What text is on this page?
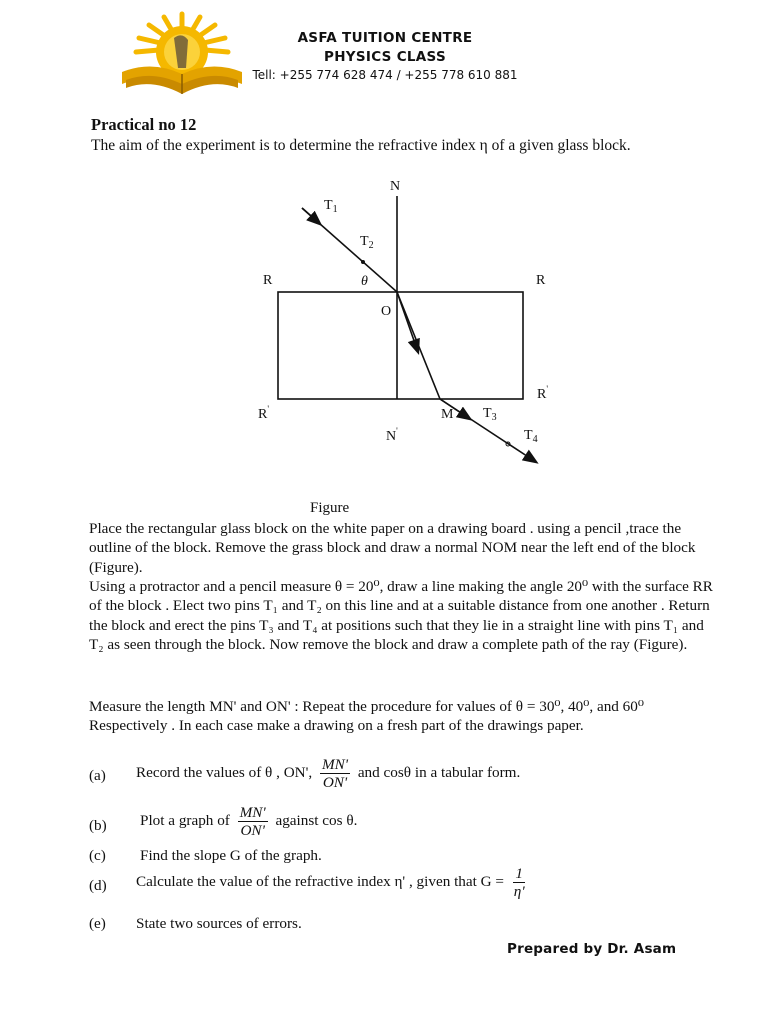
ASFA TUITION CENTRE
PHYSICS CLASS
Tell: +255 774 628 474 / +255 778 610 881
Practical no 12
The aim of the experiment is to determine the refractive index η of a given glass block.
N
N'
$T_1$
$T_2$
$T_3$
$T_4$
R	R
R'
R'
θ
O
M
Figure

Place the rectangular glass block on the white paper on a drawing board . using a pencil ,trace the outline of the block. Remove the grass block and draw a normal NOM near the left end of the block (Figure).

Using a protractor and a pencil measure θ = 20⁰, draw a line making the angle 20⁰ with the surface RR of the block . Elect two pins T₁ and T₂ on this line and at a suitable distance from one another . Return the block and erect the pins T₃ and T₄ at positions such that they lie in a straight line with pins T₁ and T₂ as seen through the block. Now remove the block and draw a complete path of the ray (Figure).

Measure the length MN' and ON' : Repeat the procedure for values of θ = 30⁰, 40⁰, and 60⁰ Respectively . In each case make a drawing on a fresh part of the drawings paper.

(a) Record the values of θ , ON', $\frac{MN'}{ON'}$ and cosθ in a tabular form.
(b) Plot a graph of $\frac{MN'}{ON'}$ against cos θ.
(c) Find the slope G of the graph.
(d) Calculate the value of the refractive index η' , given that $G = \frac{1}{\eta'}$
(e) State two sources of errors.
Prepared by Dr. Asam
